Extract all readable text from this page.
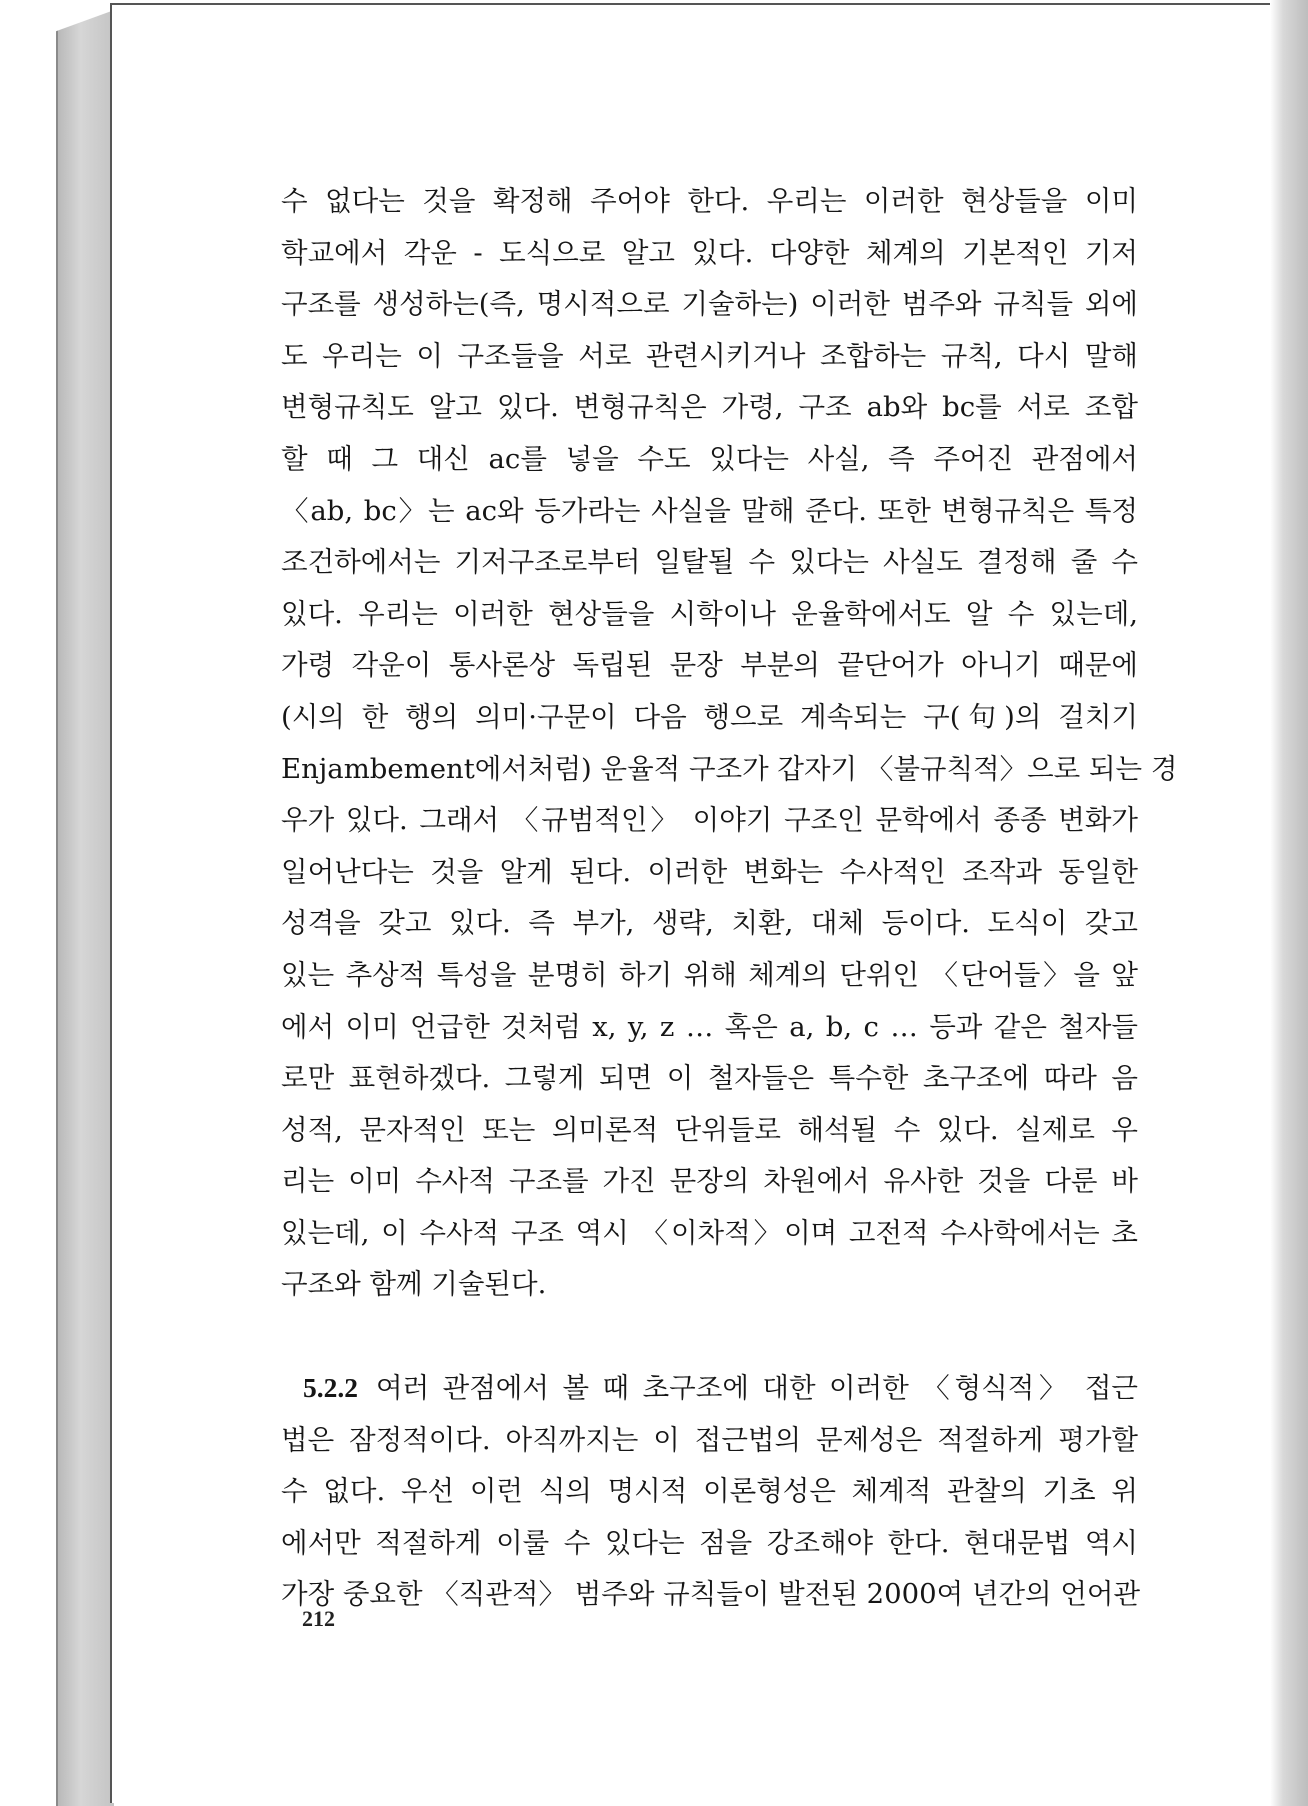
수 없다는 것을 확정해 주어야 한다. 우리는 이러한 현상들을 이미
학교에서 각운 - 도식으로 알고 있다. 다양한 체계의 기본적인 기저
구조를 생성하는(즉, 명시적으로 기술하는) 이러한 범주와 규칙들 외에
도 우리는 이 구조들을 서로 관련시키거나 조합하는 규칙, 다시 말해
변형규칙도 알고 있다. 변형규칙은 가령, 구조 ab와 bc를 서로 조합
할 때 그 대신 ac를 넣을 수도 있다는 사실, 즉 주어진 관점에서
〈ab, bc〉는 ac와 등가라는 사실을 말해 준다. 또한 변형규칙은 특정
조건하에서는 기저구조로부터 일탈될 수 있다는 사실도 결정해 줄 수
있다. 우리는 이러한 현상들을 시학이나 운율학에서도 알 수 있는데,
가령 각운이 통사론상 독립된 문장 부분의 끝단어가 아니기 때문에
(시의 한 행의 의미·구문이 다음 행으로 계속되는 구(句)의 걸치기
Enjambement에서처럼) 운율적 구조가 갑자기 〈불규칙적〉으로 되는 경
우가 있다. 그래서 〈규범적인〉 이야기 구조인 문학에서 종종 변화가
일어난다는 것을 알게 된다. 이러한 변화는 수사적인 조작과 동일한
성격을 갖고 있다. 즉 부가, 생략, 치환, 대체 등이다. 도식이 갖고
있는 추상적 특성을 분명히 하기 위해 체계의 단위인 〈단어들〉을 앞
에서 이미 언급한 것처럼 x, y, z … 혹은 a, b, c … 등과 같은 철자들
로만 표현하겠다. 그렇게 되면 이 철자들은 특수한 초구조에 따라 음
성적, 문자적인 또는 의미론적 단위들로 해석될 수 있다. 실제로 우
리는 이미 수사적 구조를 가진 문장의 차원에서 유사한 것을 다룬 바
있는데, 이 수사적 구조 역시 〈이차적〉이며 고전적 수사학에서는 초
구조와 함께 기술된다.
5.2.2 여러 관점에서 볼 때 초구조에 대한 이러한 〈형식적〉 접근
법은 잠정적이다. 아직까지는 이 접근법의 문제성은 적절하게 평가할
수 없다. 우선 이런 식의 명시적 이론형성은 체계적 관찰의 기초 위
에서만 적절하게 이룰 수 있다는 점을 강조해야 한다. 현대문법 역시
가장 중요한 〈직관적〉 범주와 규칙들이 발전된 2000여 년간의 언어관
212
